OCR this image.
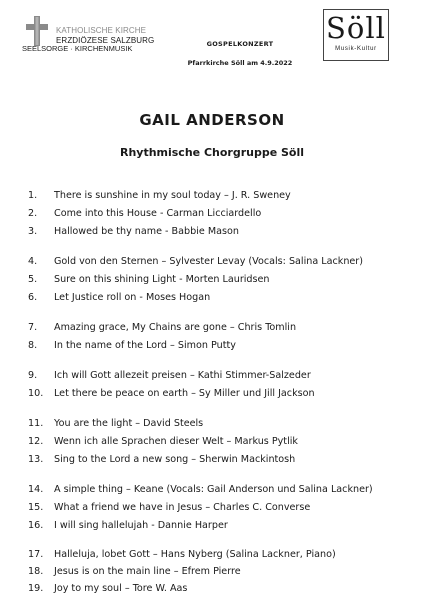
KATHOLISCHE KIRCHE
ERZDIÖZESE SALZBURG
SEELSORGE · KIRCHENMUSIK	GOSPELKONZERT
Pfarrkirche Söll am 4.9.2022
Söll
Musik-Kultur
GAIL ANDERSON
Rhythmische Chorgruppe Söll
1. There is sunshine in my soul today – J. R. Sweney
2. Come into this House - Carman Licciardello
3. Hallowed be thy name - Babbie Mason
4. Gold von den Sternen – Sylvester Levay (Vocals: Salina Lackner)
5. Sure on this shining Light - Morten Lauridsen
6. Let Justice roll on - Moses Hogan
7. Amazing grace, My Chains are gone – Chris Tomlin
8. In the name of the Lord – Simon Putty
9. Ich will Gott allezeit preisen – Kathi Stimmer-Salzeder
10. Let there be peace on earth – Sy Miller und Jill Jackson
11. You are the light – David Steels
12. Wenn ich alle Sprachen dieser Welt – Markus Pytlik
13. Sing to the Lord a new song – Sherwin Mackintosh
14. A simple thing – Keane (Vocals: Gail Anderson und Salina Lackner)
15. What a friend we have in Jesus – Charles C. Converse
16. I will sing hallelujah - Dannie Harper
17. Halleluja, lobet Gott – Hans Nyberg (Salina Lackner, Piano)
18. Jesus is on the main line – Efrem Pierre
19. Joy to my soul – Tore W. Aas
